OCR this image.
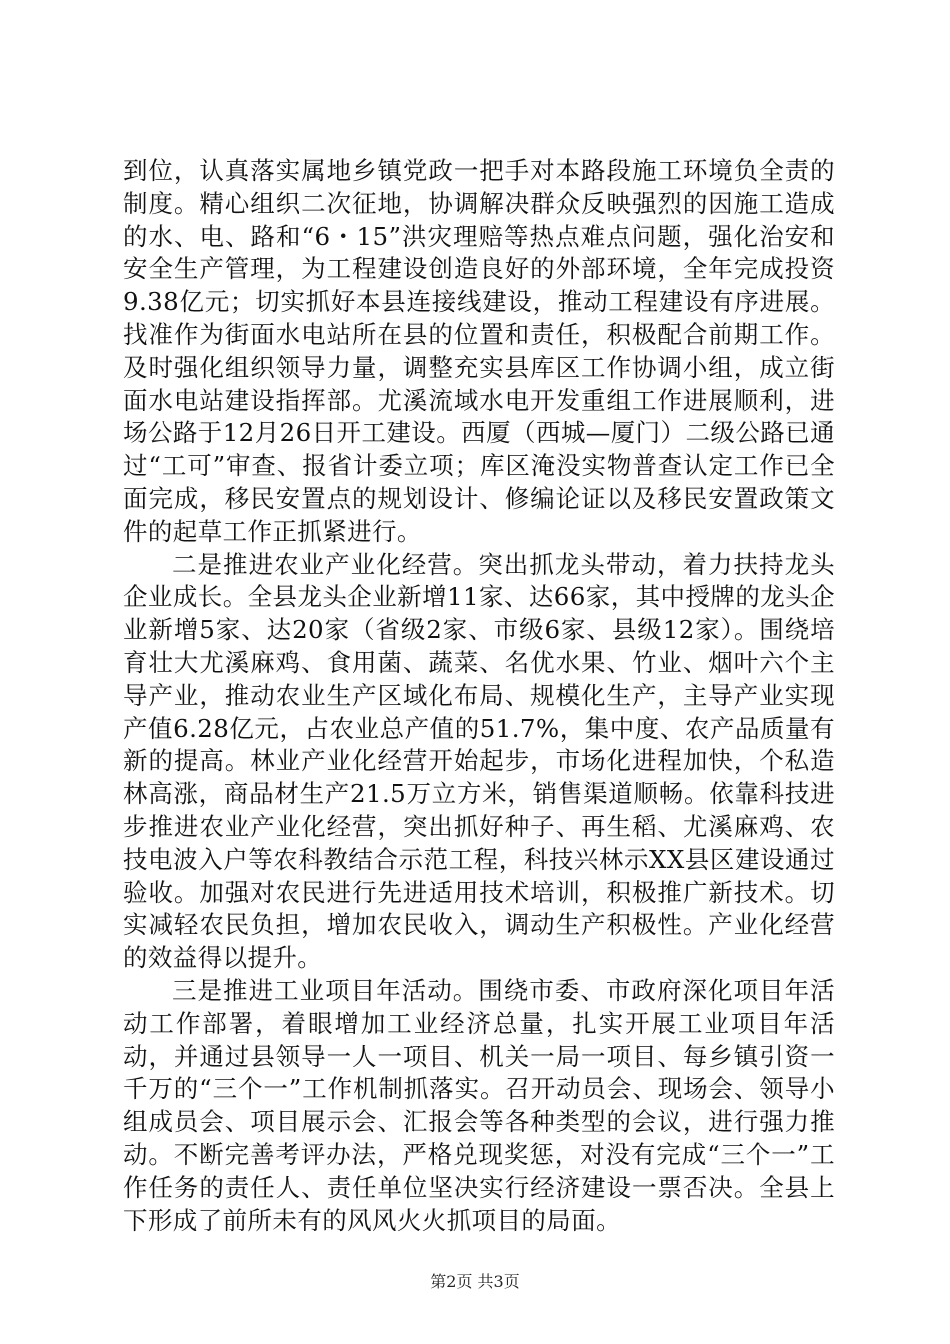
到位，认真落实属地乡镇党政一把手对本路段施工环境负全责的制度。精心组织二次征地，协调解决群众反映强烈的因施工造成的水、电、路和“6・15”洪灾理赔等热点难点问题，强化治安和安全生产管理，为工程建设创造良好的外部环境，全年完成投资9.38亿元；切实抓好本县连接线建设，推动工程建设有序进展。找准作为街面水电站所在县的位置和责任，积极配合前期工作。及时强化组织领导力量，调整充实县库区工作协调小组，成立街面水电站建设指挥部。尤溪流域水电开发重组工作进展顺利，进场公路于12月26日开工建设。西厦（西城—厦门）二级公路已通过“工可”审查、报省计委立项；库区淹没实物普查认定工作已全面完成，移民安置点的规划设计、修编论证以及移民安置政策文件的起草工作正抓紧进行。

二是推进农业产业化经营。突出抓龙头带动，着力扶持龙头企业成长。全县龙头企业新增11家、达66家，其中授牌的龙头企业新增5家、达20家（省级2家、市级6家、县级12家）。围绕培育壮大尤溪麻鸡、食用菌、蔬菜、名优水果、竹业、烟叶六个主导产业，推动农业生产区域化布局、规模化生产，主导产业实现产值6.28亿元，占农业总产值的51.7%，集中度、农产品质量有新的提高。林业产业化经营开始起步，市场化进程加快，个私造林高涨，商品材生产21.5万立方米，销售渠道顺畅。依靠科技进步推进农业产业化经营，突出抓好种子、再生稻、尤溪麻鸡、农技电波入户等农科教结合示范工程，科技兴林示XX县区建设通过验收。加强对农民进行先进适用技术培训，积极推广新技术。切实减轻农民负担，增加农民收入，调动生产积极性。产业化经营的效益得以提升。

三是推进工业项目年活动。围绕市委、市政府深化项目年活动工作部署，着眼增加工业经济总量，扎实开展工业项目年活动，并通过县领导一人一项目、机关一局一项目、每乡镇引资一千万的“三个一”工作机制抓落实。召开动员会、现场会、领导小组成员会、项目展示会、汇报会等各种类型的会议，进行强力推动。不断完善考评办法，严格兑现奖惩，对没有完成“三个一”工作任务的责任人、责任单位坚决实行经济建设一票否决。全县上下形成了前所未有的风风火火抓项目的局面。

第2页 共3页
